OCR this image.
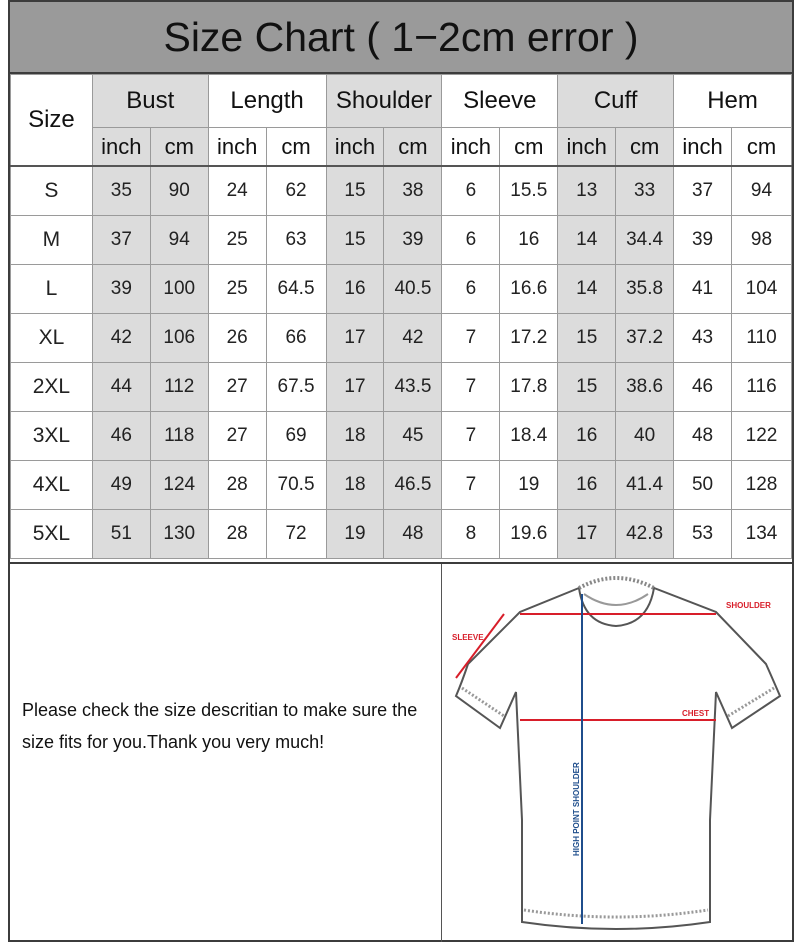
Size Chart ( 1−2cm error )
Size	Bust		Length		Shoulder		Sleeve		Cuff		Hem	
	inch	cm	inch	cm	inch	cm	inch	cm	inch	cm	inch	cm
S	35	90	24	62	15	38	6	15.5	13	33	37	94
M	37	94	25	63	15	39	6	16	14	34.4	39	98
L	39	100	25	64.5	16	40.5	6	16.6	14	35.8	41	104
XL	42	106	26	66	17	42	7	17.2	15	37.2	43	110
2XL	44	112	27	67.5	17	43.5	7	17.8	15	38.6	46	116
3XL	46	118	27	69	18	45	7	18.4	16	40	48	122
4XL	49	124	28	70.5	18	46.5	7	19	16	41.4	50	128
5XL	51	130	28	72	19	48	8	19.6	17	42.8	53	134
Please check the size descritian to make sure the size fits for you.Thank you very much!
SHOULDER
SLEEVE
CHEST
HIGH POINT SHOULDER
